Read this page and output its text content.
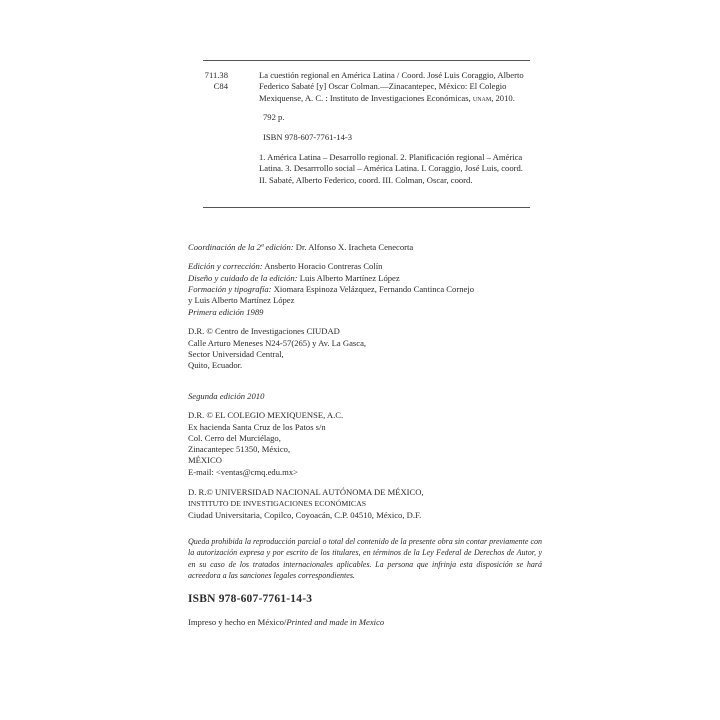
711.38
C84

La cuestión regional en América Latina / Coord. José Luis Coraggio, Alberto Federico Sabaté [y] Oscar Colman.—Zinacantepec, México: El Colegio Mexiquense, A. C. : Instituto de Investigaciones Económicas, unam, 2010.

792 p.

ISBN 978-607-7761-14-3

1. América Latina – Desarrollo regional. 2. Planificación regional – América Latina. 3. Desarrrollo social – América Latina. I. Coraggio, José Luis, coord. II. Sabaté, Alberto Federico, coord. III. Colman, Oscar, coord.

Coordinación de la 2ª edición: Dr. Alfonso X. Iracheta Cenecorta

Edición y corrección: Ansberto Horacio Contreras Colín

Diseño y cuidado de la edición: Luis Alberto Martínez López

Formación y tipografía: Xiomara Espinoza Velázquez, Fernando Cantinca Cornejo

y Luis Alberto Martínez López

Primera edición 1989

D.R. © Centro de Investigaciones CIUDAD

Calle Arturo Meneses N24-57(265) y Av. La Gasca,

Sector Universidad Central,

Quito, Ecuador.

Segunda edición 2010

D.R. © EL COLEGIO MEXIQUENSE, A.C.

Ex hacienda Santa Cruz de los Patos s/n

Col. Cerro del Murciélago,

Zinacantepec 51350, México,

MÉXICO

E-mail: <ventas@cmq.edu.mx>

D. R.© UNIVERSIDAD NACIONAL AUTÓNOMA DE MÉXICO,

INSTITUTO DE INVESTIGACIONES ECONÓMICAS

Ciudad Universitaria, Copilco, Coyoacán, C.P. 04510, México, D.F.

Queda prohibida la reproducción parcial o total del contenido de la presente obra sin contar previamente con la autorización expresa y por escrito de los titulares, en términos de la Ley Federal de Derechos de Autor, y en su caso de los tratados internacionales aplicables. La persona que infrinja esta disposición se hará acreedora a las sanciones legales correspondientes.
ISBN 978-607-7761-14-3
Impreso y hecho en México/Printed and made in Mexico
